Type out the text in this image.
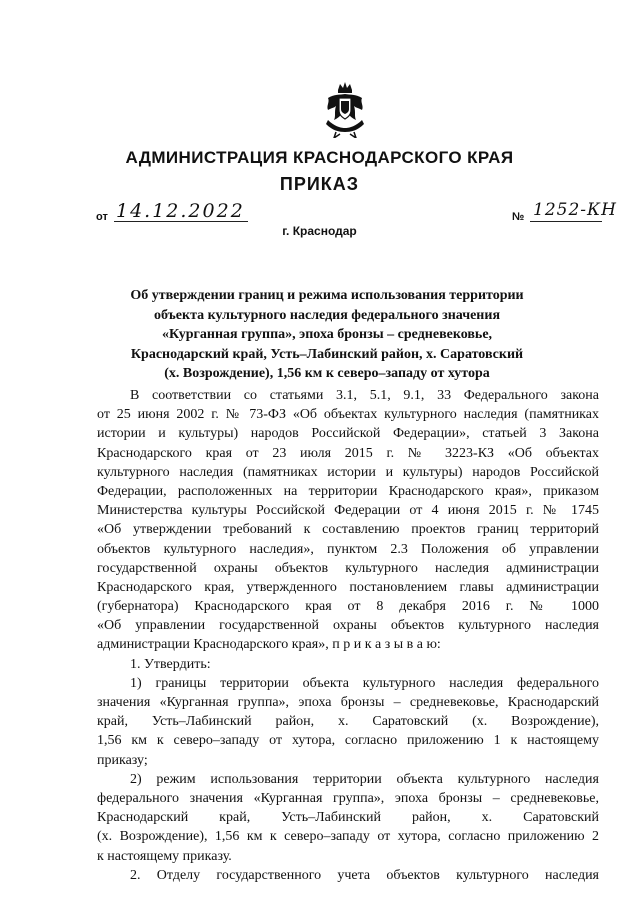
АДМИНИСТРАЦИЯ КРАСНОДАРСКОГО КРАЯ
ПРИКАЗ
от 14.12.2022
г. Краснодар
№ 1252-КН
Об утверждении границ и режима использования территории
объекта культурного наследия федерального значения
«Курганная группа», эпоха бронзы – средневековье,
Краснодарский край, Усть–Лабинский район, х. Саратовский
(х. Возрождение), 1,56 км к северо–западу от хутора
В соответствии со статьями 3.1, 5.1, 9.1, 33 Федерального закона
от 25 июня 2002 г. № 73-ФЗ «Об объектах культурного наследия (памятниках
истории и культуры) народов Российской Федерации», статьей 3 Закона
Краснодарского края от 23 июля 2015 г. № 3223-КЗ «Об объектах
культурного наследия (памятниках истории и культуры) народов Российской
Федерации, расположенных на территории Краснодарского края», приказом
Министерства культуры Российской Федерации от 4 июня 2015 г. № 1745
«Об утверждении требований к составлению проектов границ территорий
объектов культурного наследия», пунктом 2.3 Положения об управлении
государственной охраны объектов культурного наследия администрации
Краснодарского края, утвержденного постановлением главы администрации
(губернатора) Краснодарского края от 8 декабря 2016 г. № 1000
«Об управлении государственной охраны объектов культурного наследия
администрации Краснодарского края», п р и к а з ы в а ю:
1. Утвердить:
1) границы территории объекта культурного наследия федерального
значения «Курганная группа», эпоха бронзы – средневековье, Краснодарский
край, Усть–Лабинский район, х. Саратовский (х. Возрождение),
1,56 км к северо–западу от хутора, согласно приложению 1 к настоящему
приказу;
2) режим использования территории объекта культурного наследия
федерального значения «Курганная группа», эпоха бронзы – средневековье,
Краснодарский край, Усть–Лабинский район, х. Саратовский
(х. Возрождение), 1,56 км к северо–западу от хутора, согласно приложению 2
к настоящему приказу.
2. Отделу государственного учета объектов культурного наследия
